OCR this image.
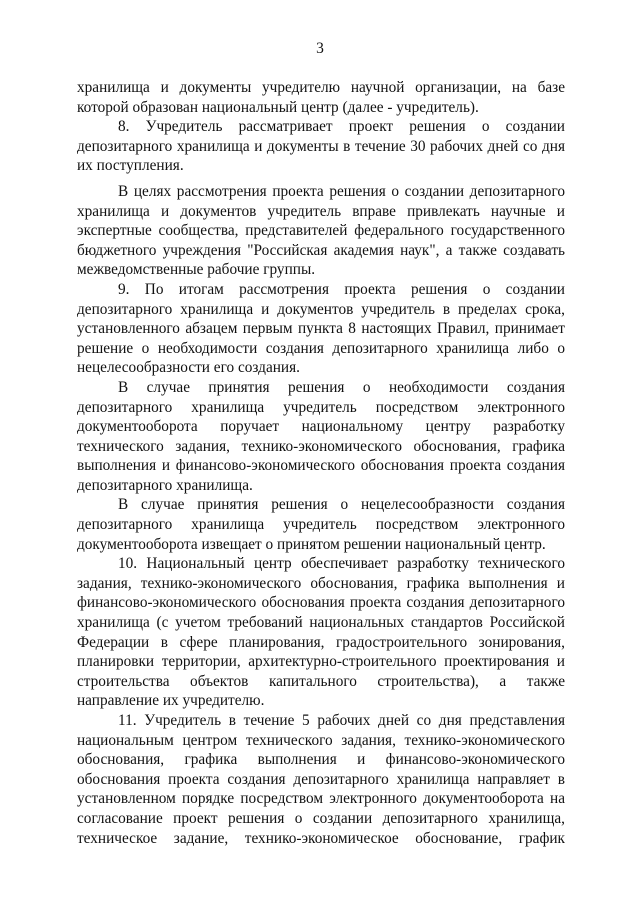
3

хранилища и документы учредителю научной организации, на базе которой образован национальный центр (далее - учредитель).

8. Учредитель рассматривает проект решения о создании депозитарного хранилища и документы в течение 30 рабочих дней со дня их поступления.

В целях рассмотрения проекта решения о создании депозитарного хранилища и документов учредитель вправе привлекать научные и экспертные сообщества, представителей федерального государственного бюджетного учреждения "Российская академия наук", а также создавать межведомственные рабочие группы.

9. По итогам рассмотрения проекта решения о создании депозитарного хранилища и документов учредитель в пределах срока, установленного абзацем первым пункта 8 настоящих Правил, принимает решение о необходимости создания депозитарного хранилища либо о нецелесообразности его создания.

В случае принятия решения о необходимости создания депозитарного хранилища учредитель посредством электронного документооборота поручает национальному центру разработку технического задания, технико-экономического обоснования, графика выполнения и финансово-экономического обоснования проекта создания депозитарного хранилища.

В случае принятия решения о нецелесообразности создания депозитарного хранилища учредитель посредством электронного документооборота извещает о принятом решении национальный центр.

10. Национальный центр обеспечивает разработку технического задания, технико-экономического обоснования, графика выполнения и финансово-экономического обоснования проекта создания депозитарного хранилища (с учетом требований национальных стандартов Российской Федерации в сфере планирования, градостроительного зонирования, планировки территории, архитектурно-строительного проектирования и строительства объектов капитального строительства), а также направление их учредителю.

11. Учредитель в течение 5 рабочих дней со дня представления национальным центром технического задания, технико-экономического обоснования, графика выполнения и финансово-экономического обоснования проекта создания депозитарного хранилища направляет в установленном порядке посредством электронного документооборота на согласование проект решения о создании депозитарного хранилища, техническое задание, технико-экономическое обоснование, график
